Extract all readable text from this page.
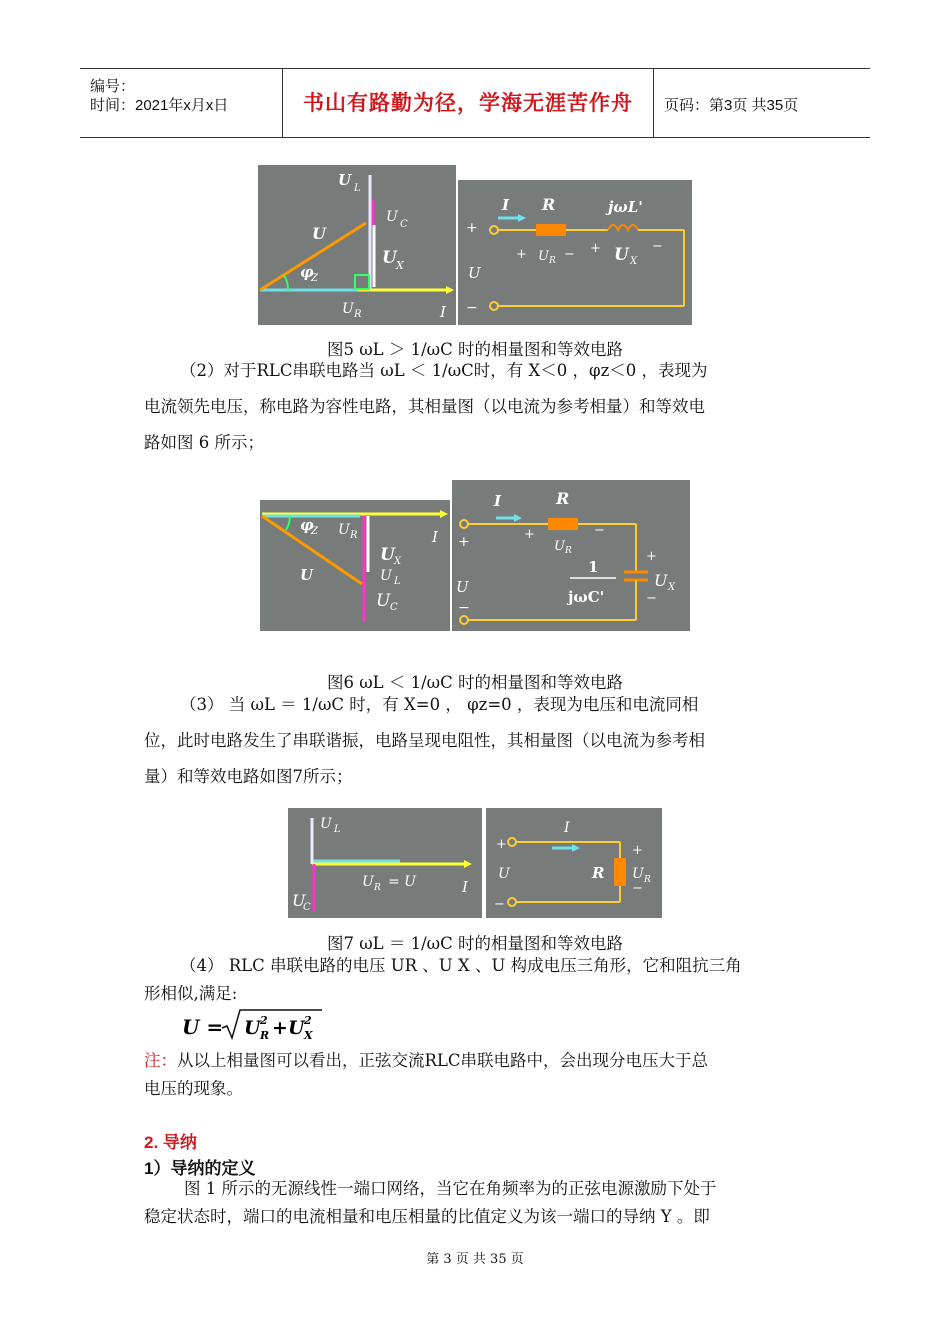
编号：
时间：2021年x月x日	书山有路勤为径，学海无涯苦作舟	页码：第3页 共35页
U L
U C
U
U X
φ
Z
U R	I
I R	jωL'
+
+ U R − + U X
−
U
−
图5 ωL ＞ 1/ωC 时的相量图和等效电路
（2）对于RLC串联电路当 ωL ＜ 1/ωC时，有 X＜0 ，φz＜0 ，表现为
电流领先电压，称电路为容性电路，其相量图（以电流为参考相量）和等效电
路如图 6 所示；
φ
Z U R	I
U X
U L
U
U C
I	R
+	+
U R
−
1
jωC'
+
U X
−
U
−
图6 ωL ＜ 1/ωC 时的相量图和等效电路
（3） 当 ωL ＝ 1/ωC 时，有 X=0 ， φz=0 ，表现为电压和电流同相
位，此时电路发生了串联谐振，电路呈现电阻性，其相量图（以电流为参考相
量）和等效电路如图7所示；
U L
U R = U	I
U
C
I
+
U
−
R
+
U R
−
图7 ωL ＝ 1/ωC 时的相量图和等效电路
（4） RLC 串联电路的电压 UR 、U X 、U 构成电压三角形，它和阻抗三角
形相似,满足:
U = U 2
R + U 2
X
注：从以上相量图可以看出，正弦交流RLC串联电路中，会出现分电压大于总
电压的现象。
2. 导纳
1）导纳的定义
图 1 所示的无源线性一端口网络，当它在角频率为的正弦电源激励下处于
稳定状态时，端口的电流相量和电压相量的比值定义为该一端口的导纳 Y 。即
第 3 页 共 35 页
